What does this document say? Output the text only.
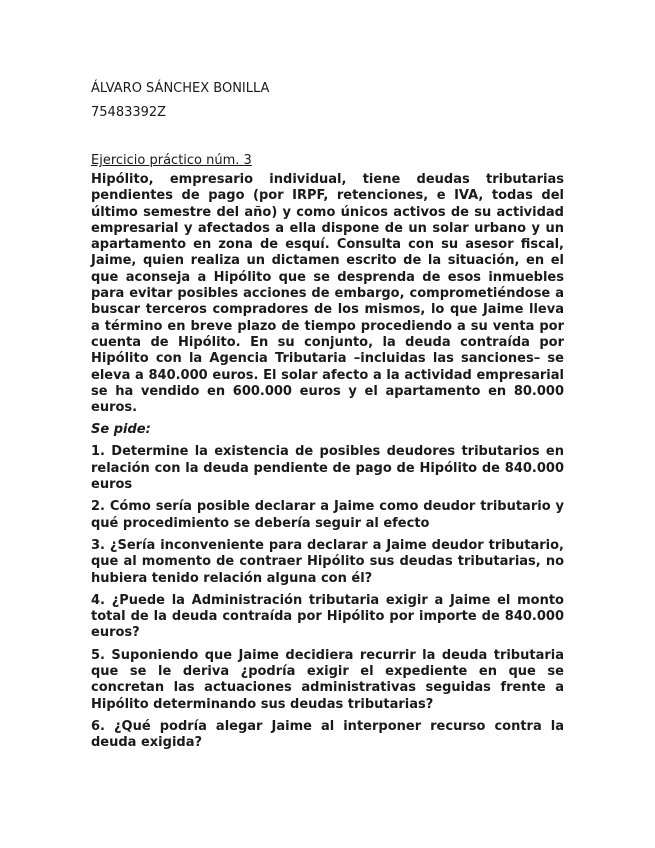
ÁLVARO SÁNCHEX BONILLA

75483392Z

Ejercicio práctico núm. 3

Hipólito, empresario individual, tiene deudas tributarias pendientes de pago (por IRPF, retenciones, e IVA, todas del último semestre del año) y como únicos activos de su actividad empresarial y afectados a ella dispone de un solar urbano y un apartamento en zona de esquí. Consulta con su asesor fiscal, Jaime, quien realiza un dictamen escrito de la situación, en el que aconseja a Hipólito que se desprenda de esos inmuebles para evitar posibles acciones de embargo, comprometiéndose a buscar terceros compradores de los mismos, lo que Jaime lleva a término en breve plazo de tiempo procediendo a su venta por cuenta de Hipólito. En su conjunto, la deuda contraída por Hipólito con la Agencia Tributaria –incluidas las sanciones– se eleva a 840.000 euros. El solar afecto a la actividad empresarial se ha vendido en 600.000 euros y el apartamento en 80.000 euros.

Se pide:

1. Determine la existencia de posibles deudores tributarios en relación con la deuda pendiente de pago de Hipólito de 840.000 euros
2. Cómo sería posible declarar a Jaime como deudor tributario y qué procedimiento se debería seguir al efecto
3. ¿Sería inconveniente para declarar a Jaime deudor tributario, que al momento de contraer Hipólito sus deudas tributarias, no hubiera tenido relación alguna con él?
4. ¿Puede la Administración tributaria exigir a Jaime el monto total de la deuda contraída por Hipólito por importe de 840.000 euros?
5. Suponiendo que Jaime decidiera recurrir la deuda tributaria que se le deriva ¿podría exigir el expediente en que se concretan las actuaciones administrativas seguidas frente a Hipólito determinando sus deudas tributarias?
6. ¿Qué podría alegar Jaime al interponer recurso contra la deuda exigida?
